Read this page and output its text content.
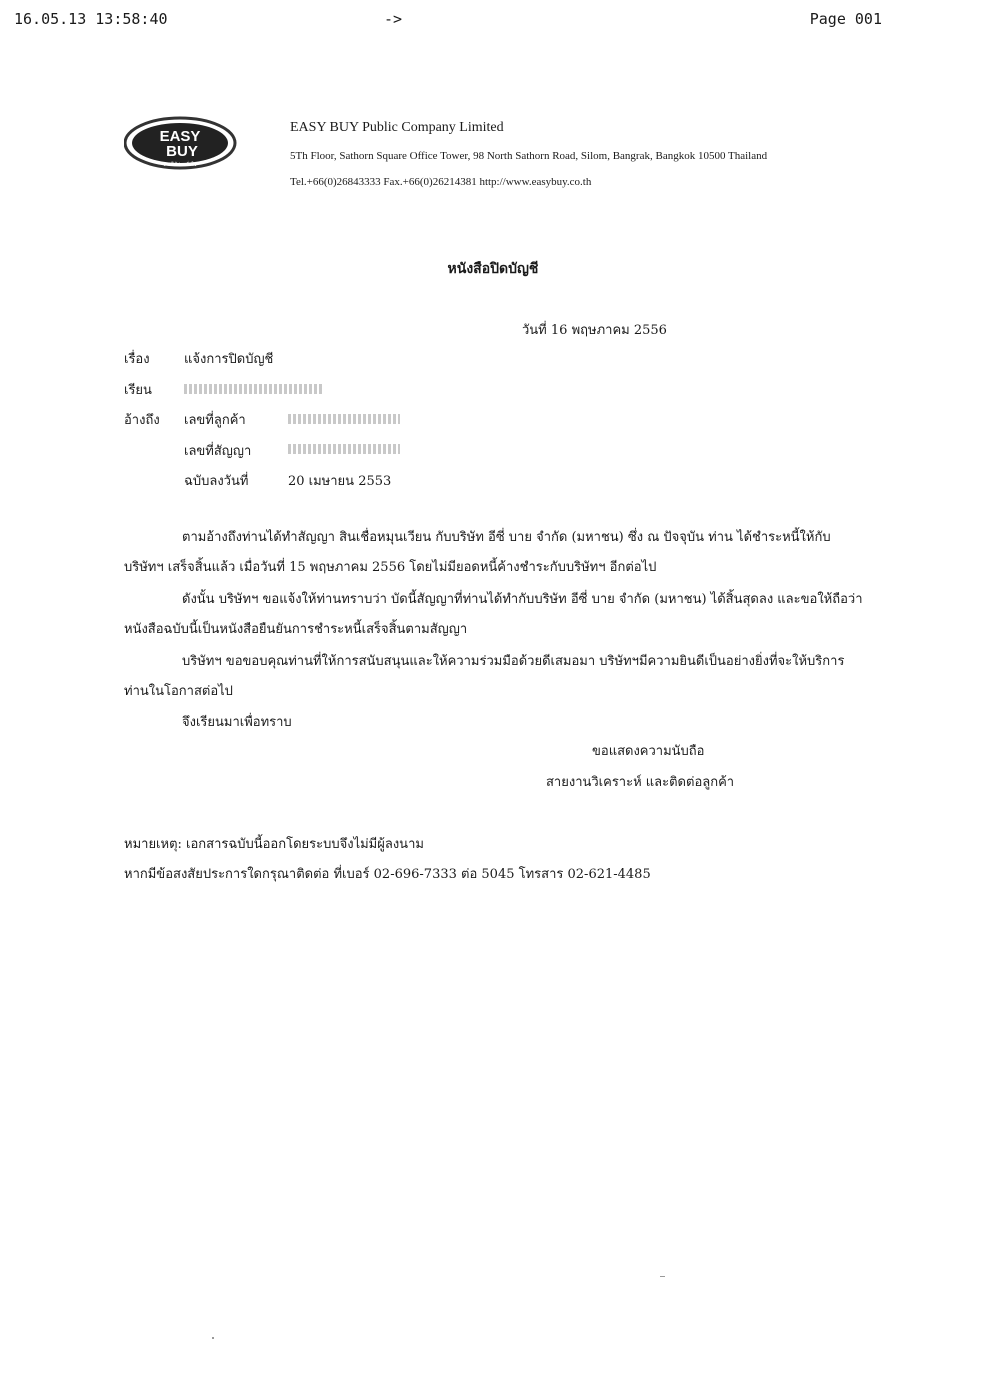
16.05.13 13:58:40	->	Page 001
EASY
BUY
ง่ายได้ง่ายดั่งใจ
EASY BUY Public Company Limited
5Th Floor, Sathorn Square Office Tower, 98 North Sathorn Road, Silom, Bangrak, Bangkok 10500 Thailand
Tel.+66(0)26843333 Fax.+66(0)26214381 http://www.easybuy.co.th
หนังสือปิดบัญชี
วันที่ 16 พฤษภาคม 2556
เรื่อง	แจ้งการปิดบัญชี
เรียน
อ้างถึง เลขที่ลูกค้า
เลขที่สัญญา
ฉบับลงวันที่	20 เมษายน 2553
ตามอ้างถึงท่านได้ทำสัญญา สินเชื่อหมุนเวียน กับบริษัท อีซี่ บาย จำกัด (มหาชน) ซึ่ง ณ ปัจจุบัน ท่าน ได้ชำระหนี้ให้กับบริษัทฯ เสร็จสิ้นแล้ว เมื่อวันที่ 15 พฤษภาคม 2556 โดยไม่มียอดหนี้ค้างชำระกับบริษัทฯ อีกต่อไป
ดังนั้น บริษัทฯ ขอแจ้งให้ท่านทราบว่า บัดนี้สัญญาที่ท่านได้ทำกับบริษัท อีซี่ บาย จำกัด (มหาชน) ได้สิ้นสุดลง และขอให้ถือว่าหนังสือฉบับนี้เป็นหนังสือยืนยันการชำระหนี้เสร็จสิ้นตามสัญญา
บริษัทฯ ขอขอบคุณท่านที่ให้การสนับสนุนและให้ความร่วมมือด้วยดีเสมอมา บริษัทฯมีความยินดีเป็นอย่างยิ่งที่จะให้บริการท่านในโอกาสต่อไป
จึงเรียนมาเพื่อทราบ
ขอแสดงความนับถือ
สายงานวิเคราะห์ และติดต่อลูกค้า
หมายเหตุ: เอกสารฉบับนี้ออกโดยระบบจึงไม่มีผู้ลงนาม
หากมีข้อสงสัยประการใดกรุณาติดต่อ ที่เบอร์ 02-696-7333 ต่อ 5045 โทรสาร 02-621-4485
